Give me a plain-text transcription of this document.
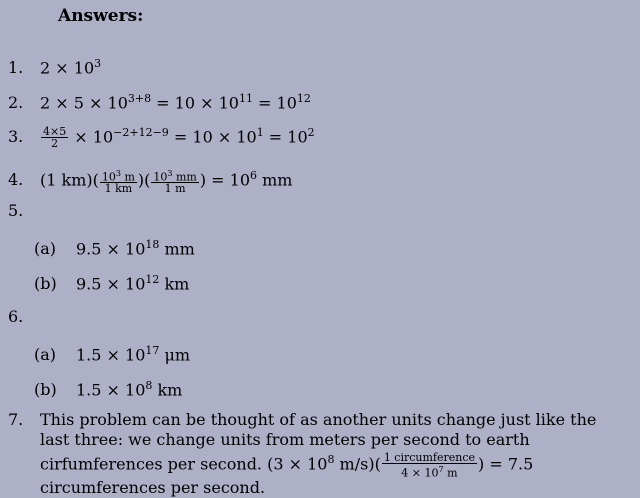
Answers:
1. $2 \times 10^3$
2. $2 \times 5 \times 10^{3+8} = 10 \times 10^{11} = 10^{12}$
3. $\frac{4\times 5}{2} \times 10^{-2+12-9} = 10 \times 10^1 = 10^2$
4. (1 $km)( \frac{10^3 m}{1 km}$ )( $\frac{10^3 mm}{1 m}$ ) = $10^6$ mm
5.
(a) $9.5 \times 10^{18}$ mm
(b) $9.5 \times 10^{12}$ km
6.
(a) $1.5 \times 10^{17}$ μm
(b) $1.5 \times 10^8$ km
7. This problem can be thought of as another units change just like the last three: we change units from meters per second to earth cirfumferences per second. ($3 \times 10^8$ $m/s)( \frac{\text{1 circumference}}{4 \times 10^7 m}$ ) = 7.5 circumferences per second.
